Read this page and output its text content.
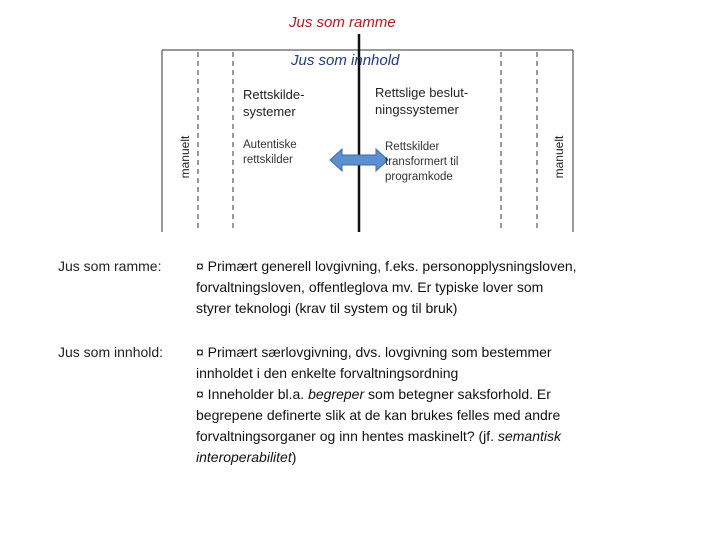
Jus som ramme
Jus som innhold
manuelt	manuelt
Rettskilde-
systemer
Rettslige beslut-
ningssystemer
Autentiske
rettskilder
Rettskilder
transformert til
programkode
Jus som ramme: ¤ Primært generell lovgivning, f.eks. personopplysningsloven,

forvaltningsloven, offentleglova mv. Er typiske lover som

styrer teknologi (krav til system og til bruk)

Jus som innhold: ¤ Primært særlovgivning, dvs. lovgivning som bestemmer

innholdet i den enkelte forvaltningsordning

¤ Inneholder bl.a. begreper som betegner saksforhold. Er

begrepene definerte slik at de kan brukes felles med andre

forvaltningsorganer og inn hentes maskinelt? (jf. semantisk

interoperabilitet)
